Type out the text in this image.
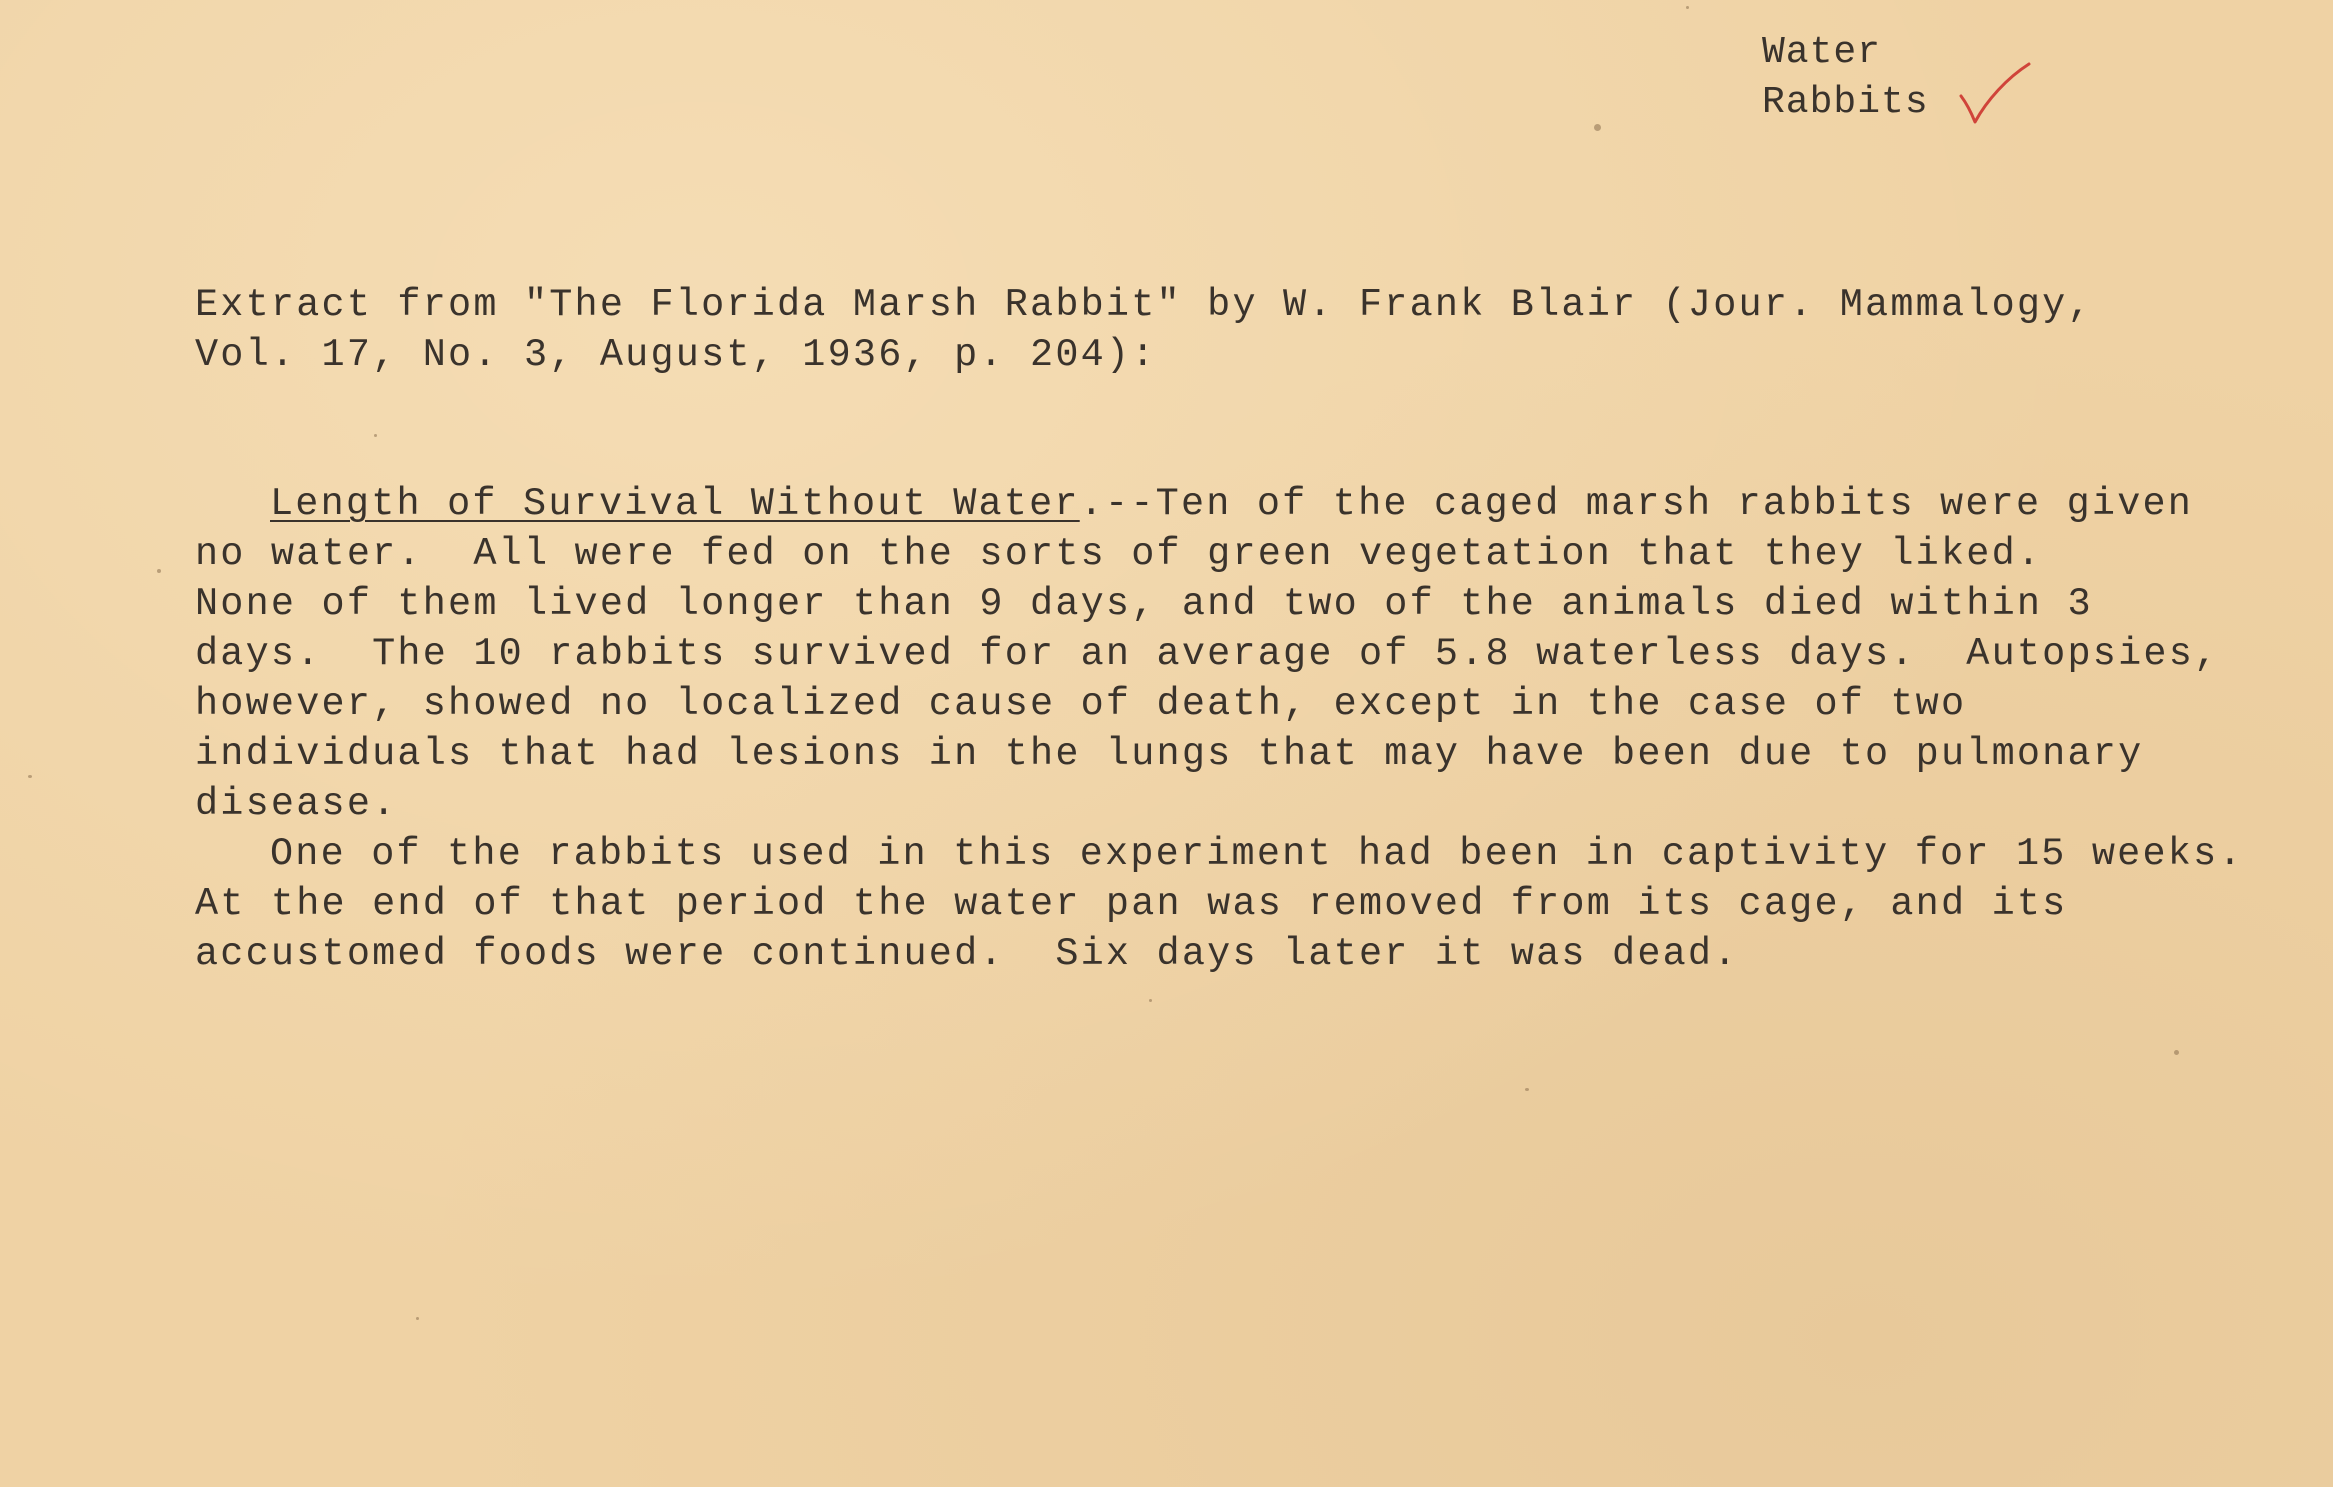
Water
Rabbits
Extract from "The Florida Marsh Rabbit" by W. Frank Blair (Jour. Mammalogy,
Vol. 17, No. 3, August, 1936, p. 204):
Length of Survival Without Water.--Ten of the caged marsh rabbits were given
no water.  All were fed on the sorts of green vegetation that they liked.
None of them lived longer than 9 days, and two of the animals died within 3
days.  The 10 rabbits survived for an average of 5.8 waterless days.  Autopsies,
however, showed no localized cause of death, except in the case of two
individuals that had lesions in the lungs that may have been due to pulmonary
disease.
One of the rabbits used in this experiment had been in captivity for 15 weeks.
At the end of that period the water pan was removed from its cage, and its
accustomed foods were continued.  Six days later it was dead.
